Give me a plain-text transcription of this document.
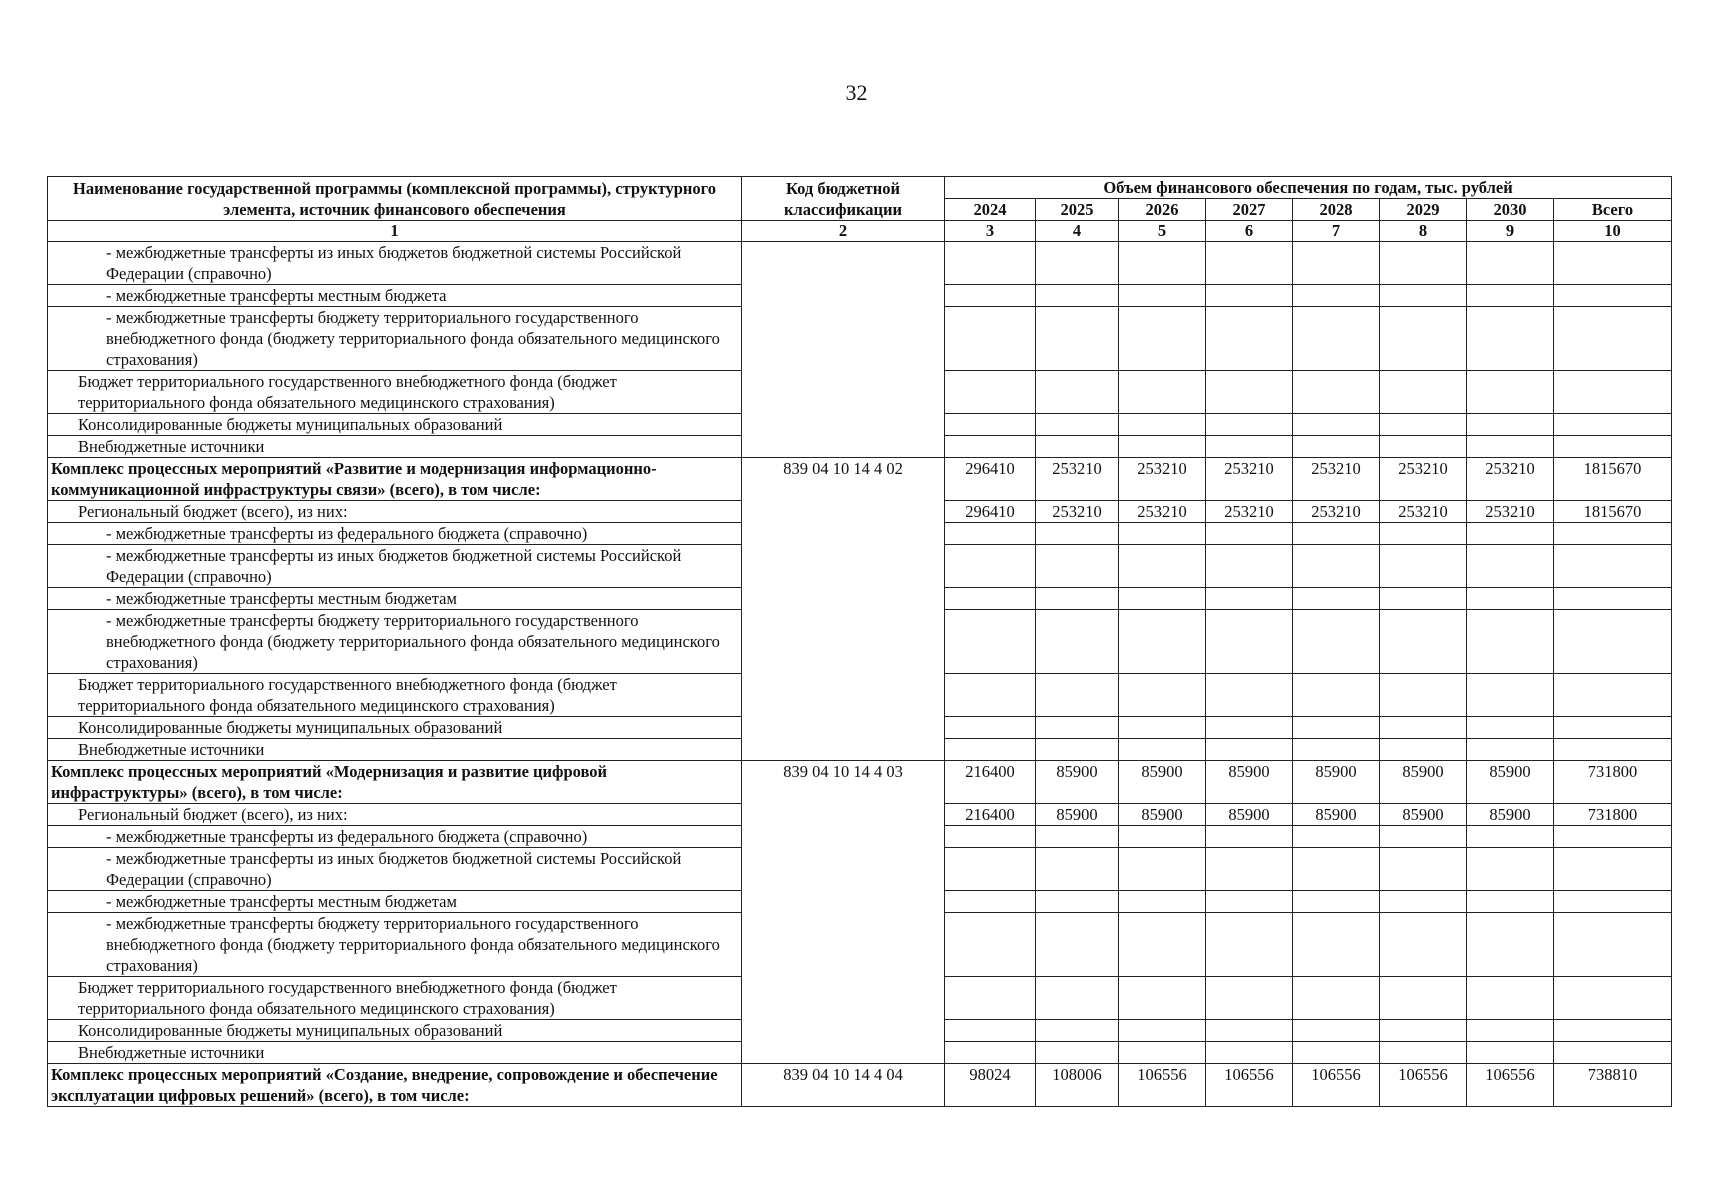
32
Наименование государственной программы (комплексной программы), структурного элемента, источник финансового обеспечения	Код бюджетной классификации	Объем финансового обеспечения по годам, тыс. рублей							
		2024	2025	2026	2027	2028	2029	2030	Всего
1	2	3	4	5	6	7	8	9	10
- межбюджетные трансферты из иных бюджетов бюджетной системы Российской Федерации (справочно)									
- межбюджетные трансферты местным бюджета									
- межбюджетные трансферты бюджету территориального государственного внебюджетного фонда (бюджету территориального фонда обязательного медицинского страхования)									
Бюджет территориального государственного внебюджетного фонда (бюджет территориального фонда обязательного медицинского страхования)									
Консолидированные бюджеты муниципальных образований									
Внебюджетные источники									
Комплекс процессных мероприятий «Развитие и модернизация информационно-коммуникационной инфраструктуры связи» (всего), в том числе:	839 04 10 14 4 02	296410	253210	253210	253210	253210	253210	253210	1815670
Региональный бюджет (всего), из них:		296410	253210	253210	253210	253210	253210	253210	1815670
- межбюджетные трансферты из федерального бюджета (справочно)									
- межбюджетные трансферты из иных бюджетов бюджетной системы Российской Федерации (справочно)									
- межбюджетные трансферты местным бюджетам									
- межбюджетные трансферты бюджету территориального государственного внебюджетного фонда (бюджету территориального фонда обязательного медицинского страхования)									
Бюджет территориального государственного внебюджетного фонда (бюджет территориального фонда обязательного медицинского страхования)									
Консолидированные бюджеты муниципальных образований									
Внебюджетные источники									
Комплекс процессных мероприятий «Модернизация и развитие цифровой инфраструктуры» (всего), в том числе:	839 04 10 14 4 03	216400	85900	85900	85900	85900	85900	85900	731800
Региональный бюджет (всего), из них:		216400	85900	85900	85900	85900	85900	85900	731800
- межбюджетные трансферты из федерального бюджета (справочно)									
- межбюджетные трансферты из иных бюджетов бюджетной системы Российской Федерации (справочно)									
- межбюджетные трансферты местным бюджетам									
- межбюджетные трансферты бюджету территориального государственного внебюджетного фонда (бюджету территориального фонда обязательного медицинского страхования)									
Бюджет территориального государственного внебюджетного фонда (бюджет территориального фонда обязательного медицинского страхования)									
Консолидированные бюджеты муниципальных образований									
Внебюджетные источники									
Комплекс процессных мероприятий «Создание, внедрение, сопровождение и обеспечение эксплуатации цифровых решений» (всего), в том числе:	839 04 10 14 4 04	98024	108006	106556	106556	106556	106556	106556	738810
